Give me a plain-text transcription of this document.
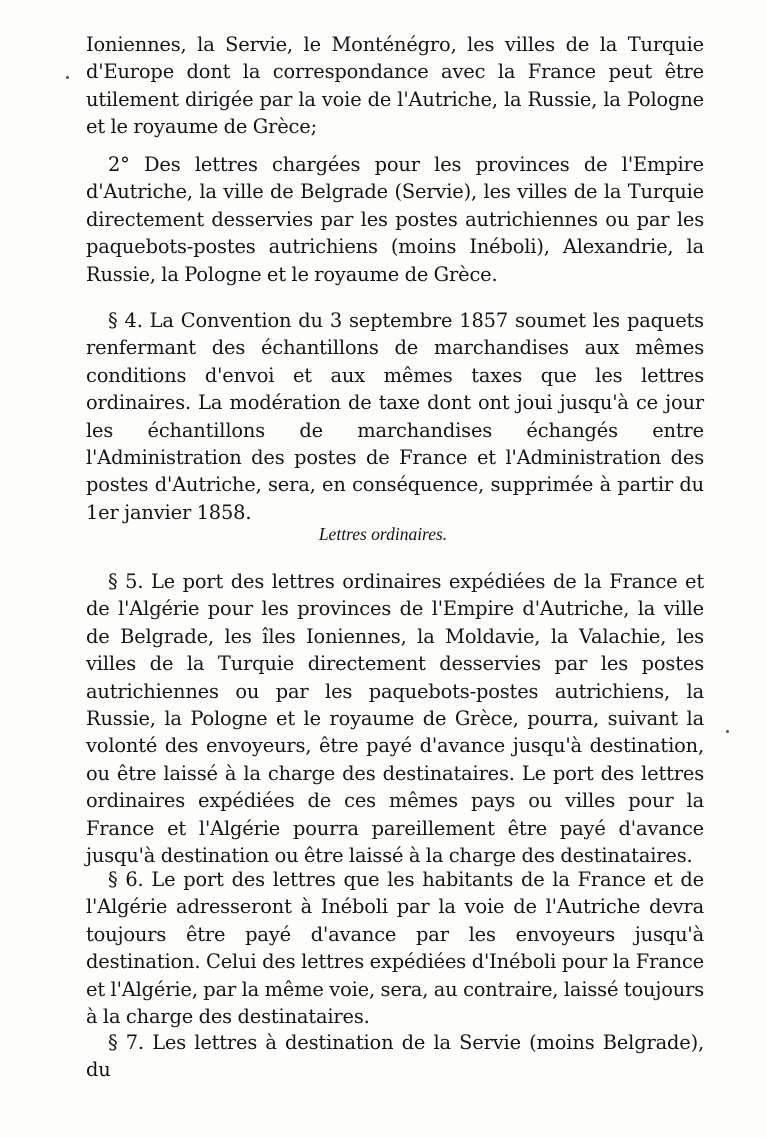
Ioniennes, la Servie, le Monténégro, les villes de la Turquie d'Europe dont la correspondance avec la France peut être utilement dirigée par la voie de l'Autriche, la Russie, la Pologne et le royaume de Grèce;

2° Des lettres chargées pour les provinces de l'Empire d'Autriche, la ville de Belgrade (Servie), les villes de la Turquie directement desservies par les postes autrichiennes ou par les paquebots-postes autrichiens (moins Inéboli), Alexandrie, la Russie, la Pologne et le royaume de Grèce.

§ 4. La Convention du 3 septembre 1857 soumet les paquets renfermant des échantillons de marchandises aux mêmes conditions d'envoi et aux mêmes taxes que les lettres ordinaires. La modération de taxe dont ont joui jusqu'à ce jour les échantillons de marchandises échangés entre l'Administration des postes de France et l'Administration des postes d'Autriche, sera, en conséquence, supprimée à partir du 1er janvier 1858.

Lettres ordinaires.

§ 5. Le port des lettres ordinaires expédiées de la France et de l'Algérie pour les provinces de l'Empire d'Autriche, la ville de Belgrade, les îles Ioniennes, la Moldavie, la Valachie, les villes de la Turquie directement desservies par les postes autrichiennes ou par les paquebots-postes autrichiens, la Russie, la Pologne et le royaume de Grèce, pourra, suivant la volonté des envoyeurs, être payé d'avance jusqu'à destination, ou être laissé à la charge des destinataires. Le port des lettres ordinaires expédiées de ces mêmes pays ou villes pour la France et l'Algérie pourra pareillement être payé d'avance jusqu'à destination ou être laissé à la charge des destinataires.

§ 6. Le port des lettres que les habitants de la France et de l'Algérie adresseront à Inéboli par la voie de l'Autriche devra toujours être payé d'avance par les envoyeurs jusqu'à destination. Celui des lettres expédiées d'Inéboli pour la France et l'Algérie, par la même voie, sera, au contraire, laissé toujours à la charge des destinataires.

§ 7. Les lettres à destination de la Servie (moins Belgrade), du
